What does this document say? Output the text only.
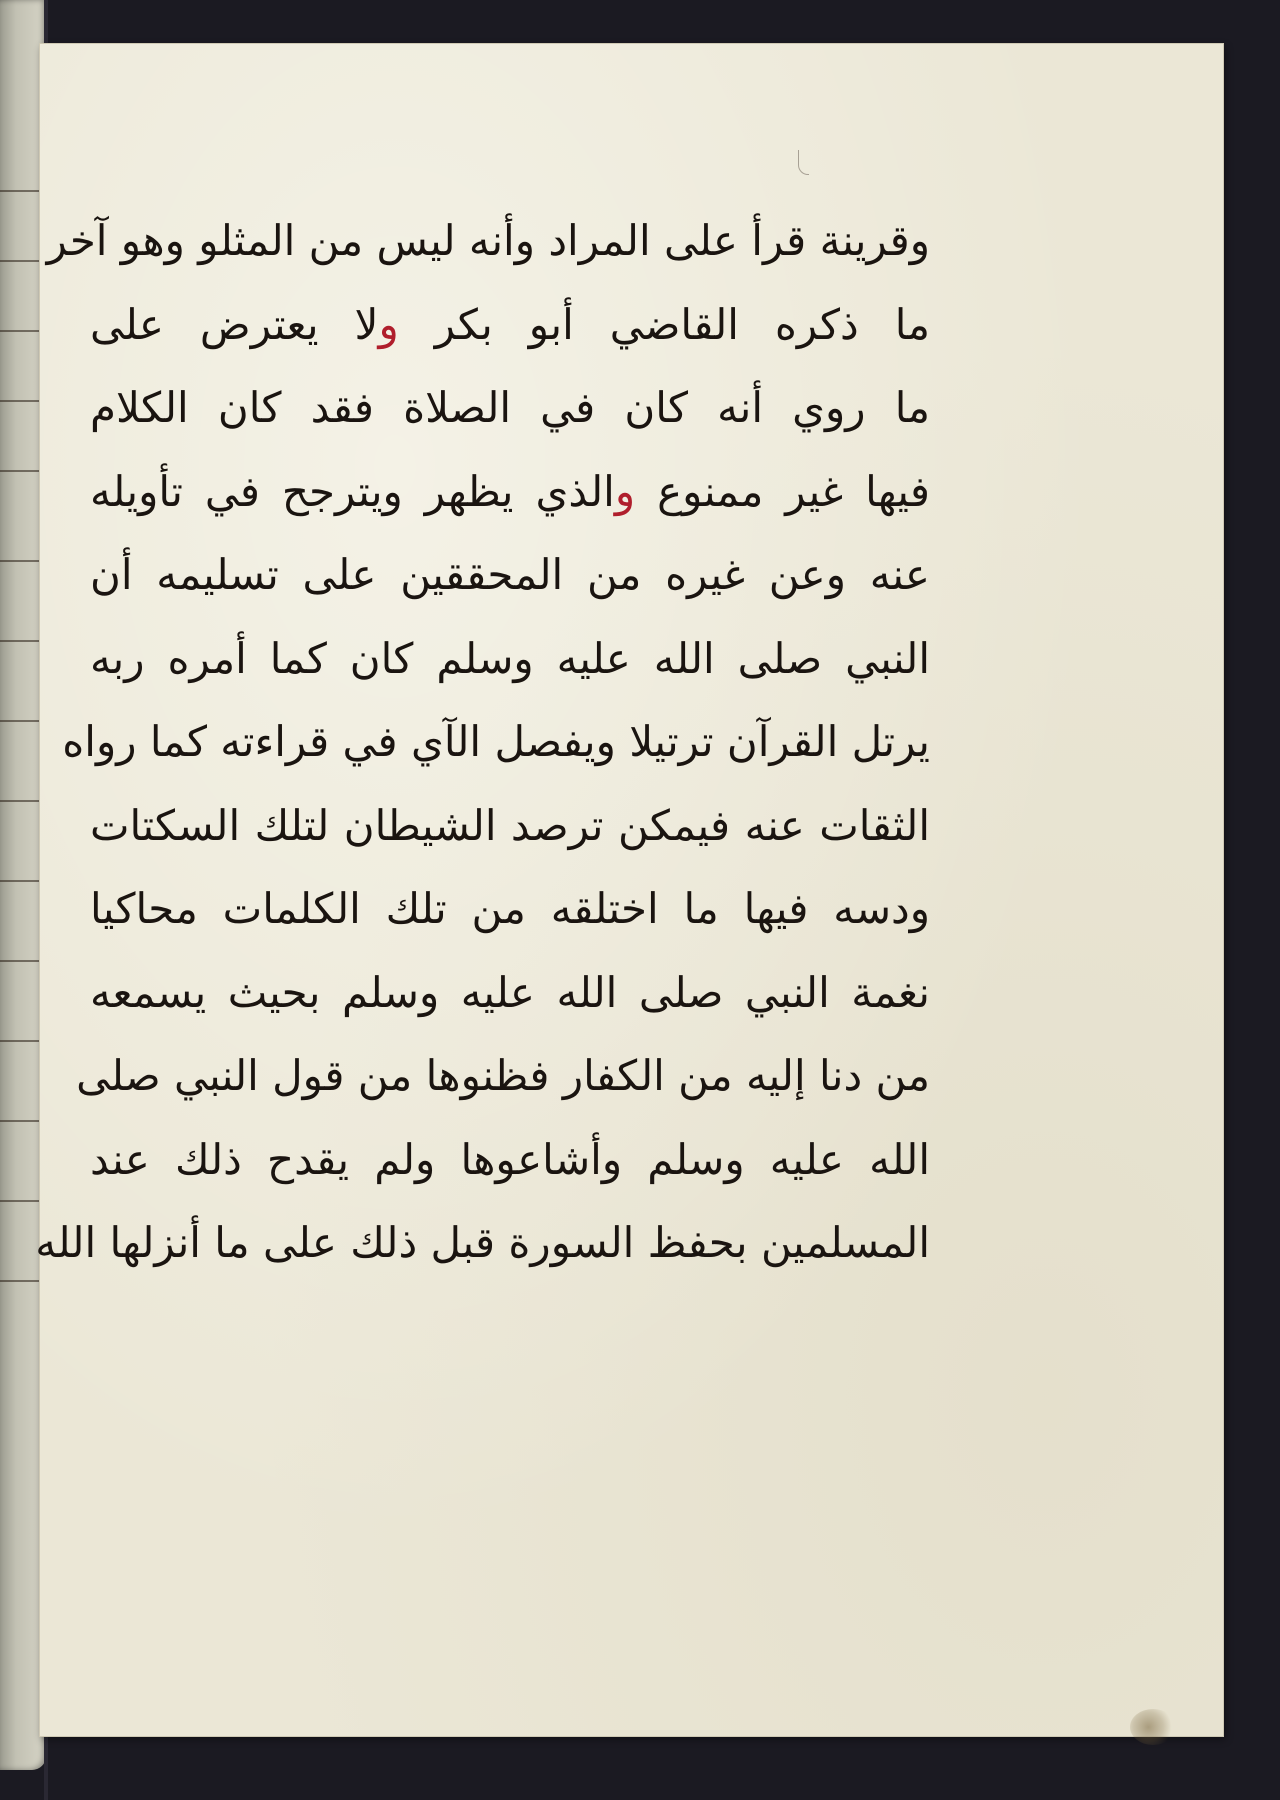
وقرينة قرأ على المراد وأنه ليس من المثلو وهو آخر
ما ذكره القاضي أبو بكر ولا يعترض على
ما روي أنه كان في الصلاة فقد كان الكلام
فيها غير ممنوع والذي يظهر ويترجح في تأويله
عنه وعن غيره من المحققين على تسليمه أن
النبي صلى الله عليه وسلم كان كما أمره ربه
يرتل القرآن ترتيلا ويفصل الآي في قراءته كما رواه
الثقات عنه فيمكن ترصد الشيطان لتلك السكتات
ودسه فيها ما اختلقه من تلك الكلمات محاكيا
نغمة النبي صلى الله عليه وسلم بحيث يسمعه
من دنا إليه من الكفار فظنوها من قول النبي صلى
الله عليه وسلم وأشاعوها ولم يقدح ذلك عند
المسلمين بحفظ السورة قبل ذلك على ما أنزلها الله
